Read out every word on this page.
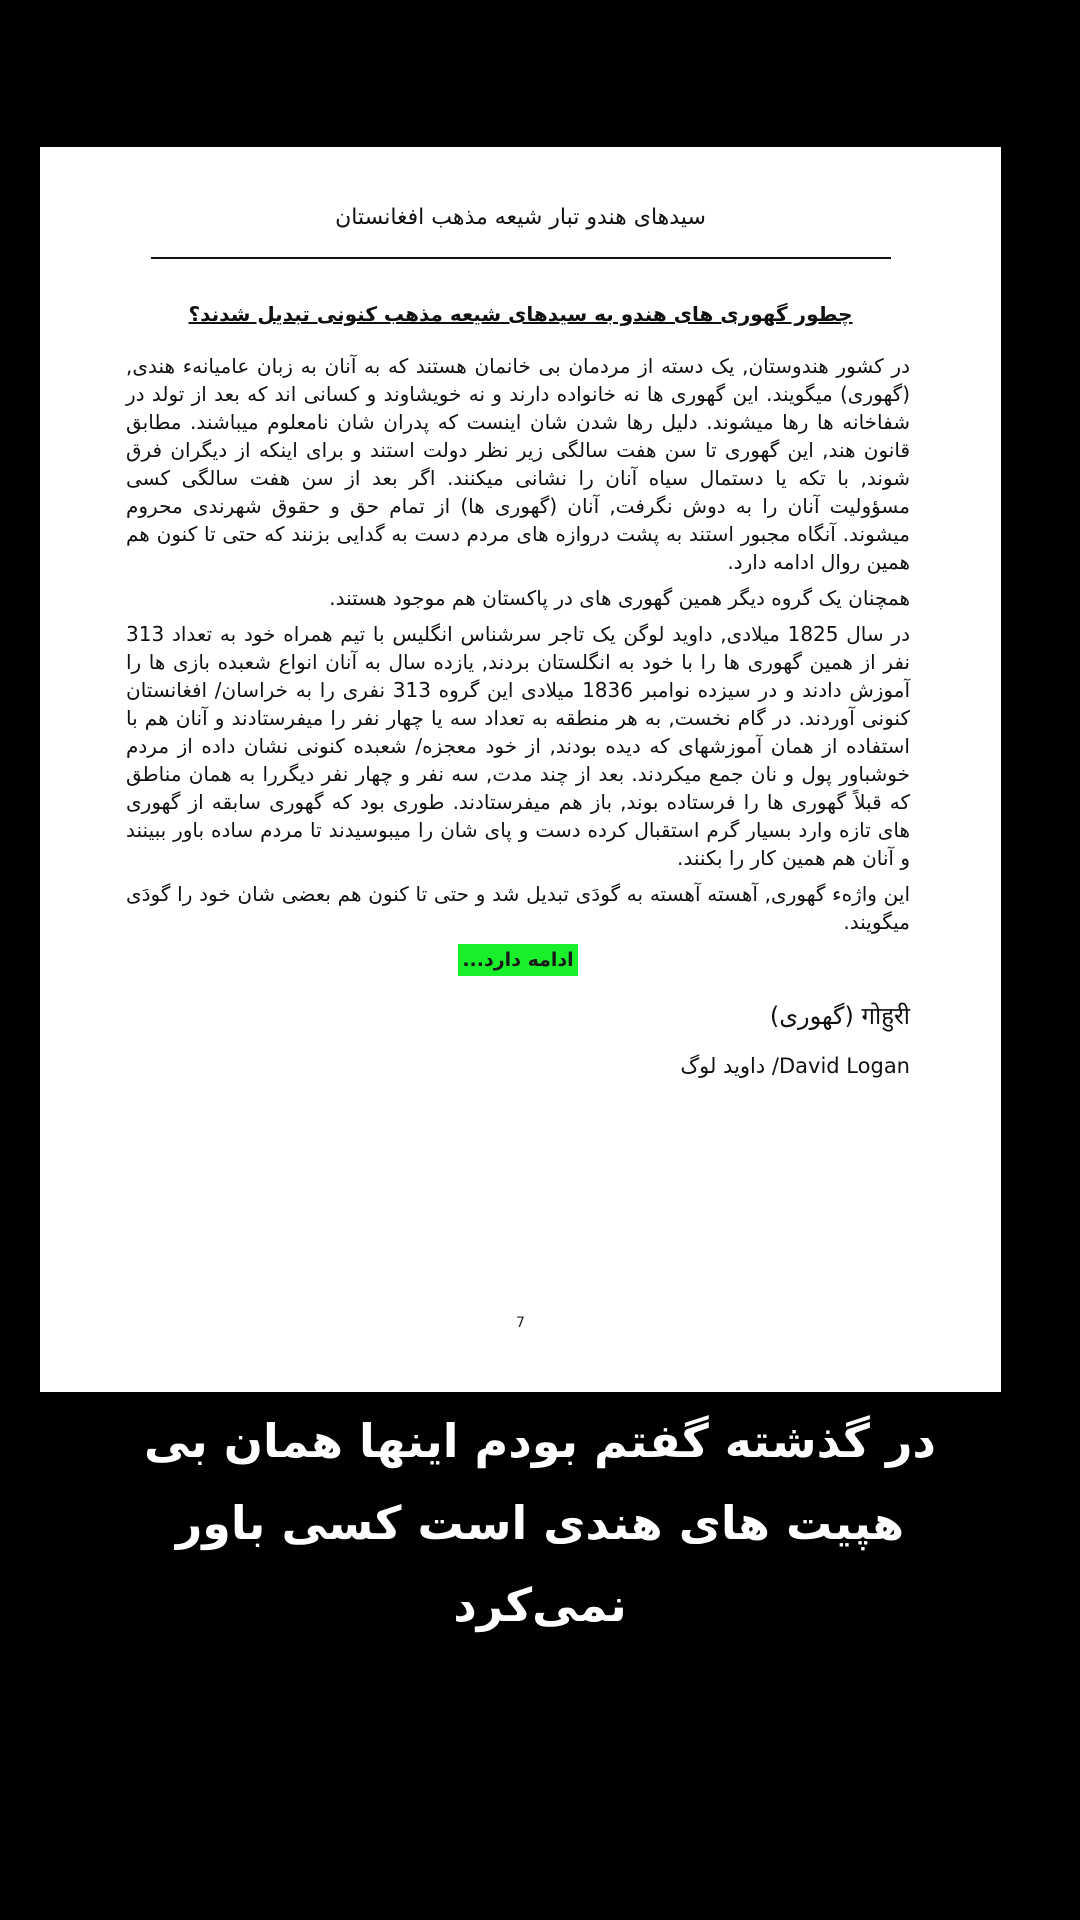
سیدهای هندو تبار شیعه مذهب افغانستان
چطور گهوری های هندو به سیدهای شیعه مذهب کنونی تبدیل شدند؟

در کشور هندوستان, یک دسته از مردمان بی خانمان هستند که به آنان به زبان عامیانهء هندی, (گهوری) میگویند. این گهوری ها نه خانواده دارند و نه خویشاوند و کسانی اند که بعد از تولد در شفاخانه ها رها میشوند. دلیل رها شدن شان اینست که پدران شان نامعلوم میباشند. مطابق قانون هند, این گهوری تا سن هفت سالگی زیر نظر دولت استند و برای اینکه از دیگران فرق شوند, با تکه یا دستمال سیاه آنان را نشانی میکنند. اگر بعد از سن هفت سالگی کسی مسؤولیت آنان را به دوش نگرفت, آنان (گهوری ها) از تمام حق و حقوق شهرندی محروم میشوند. آنگاه مجبور استند به پشت دروازه های مردم دست به گدایی بزنند که حتی تا کنون هم همین روال ادامه دارد.

همچنان یک گروه دیگر همین گهوری های در پاکستان هم موجود هستند.

در سال 1825 میلادی, داوید لوگن یک تاجر سرشناس انگلیس با تیم همراه خود به تعداد 313 نفر از همین گهوری ها را با خود به انگلستان بردند, یازده سال به آنان انواع شعبده بازی ها را آموزش دادند و در سیزده نوامبر 1836 میلادی این گروه 313 نفری را به خراسان/ افغانستان کنونی آوردند. در گام نخست, به هر منطقه به تعداد سه یا چهار نفر را میفرستادند و آنان هم با استفاده از همان آموزشهای که دیده بودند, از خود معجزه/ شعبده کنونی نشان داده از مردم خوشباور پول و نان جمع میکردند. بعد از چند مدت, سه نفر و چهار نفر دیگررا به همان مناطق که قبلاً گهوری ها را فرستاده بوند, باز هم میفرستادند. طوری بود که گهوری سابقه از گهوری های تازه وارد بسیار گرم استقبال کرده دست و پای شان را میبوسیدند تا مردم ساده باور ببینند و آنان هم همین کار را بکنند.

این واژهء گهوری, آهسته آهسته به گودَی تبدیل شد و حتی تا کنون هم بعضی شان خود را گودَی میگویند.

ادامه دارد...
गोहुरी (گهوری)
David Logan/ داوید لوگ
7
در گذشته گفتم بودم اینها همان بی هپیت های هندی است کسی باور نمی‌کرد
